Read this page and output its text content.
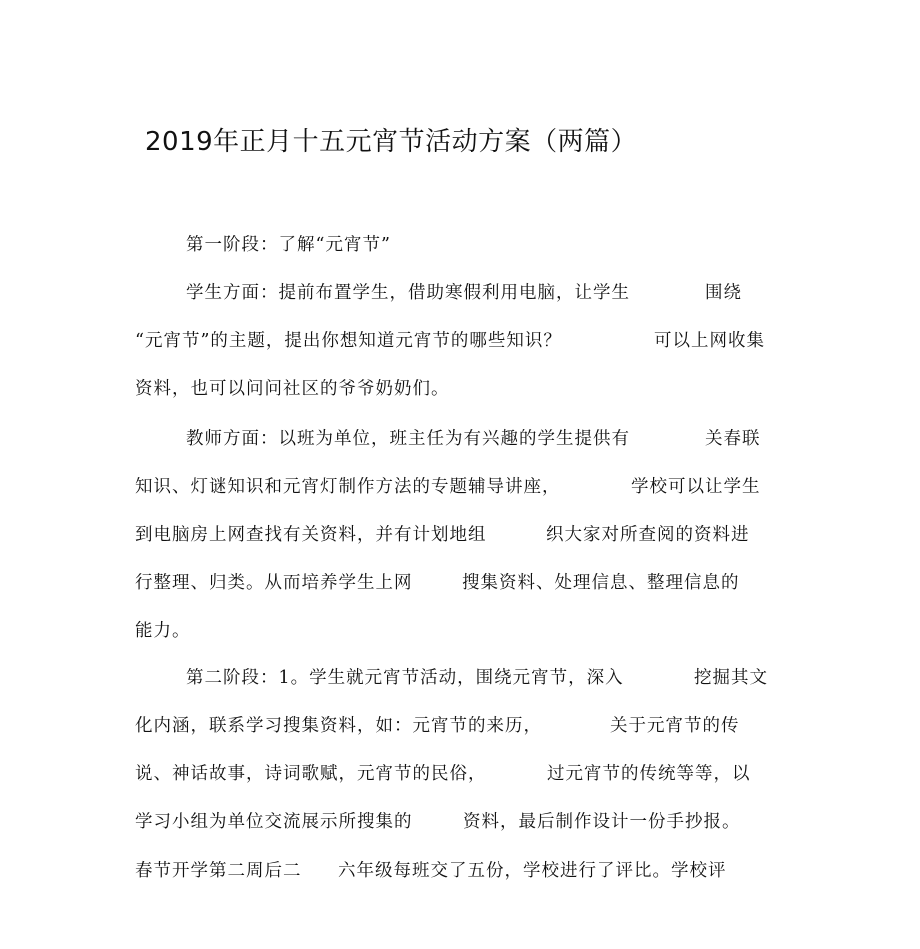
2019年正月十五元宵节活动方案（两篇）
第一阶段：了解“元宵节”
学生方面：提前布置学生，借助寒假利用电脑，让学生	围绕
“元宵节”的主题，提出你想知道元宵节的哪些知识？	可以上网收集
资料，也可以问问社区的爷爷奶奶们。
教师方面：以班为单位，班主任为有兴趣的学生提供有	关春联
知识、灯谜知识和元宵灯制作方法的专题辅导讲座，	学校可以让学生
到电脑房上网查找有关资料，并有计划地组	织大家对所查阅的资料进
行整理、归类。从而培养学生上网	搜集资料、处理信息、整理信息的
能力。
第二阶段：1。学生就元宵节活动，围绕元宵节，深入	挖掘其文
化内涵，联系学习搜集资料，如：元宵节的来历，	关于元宵节的传
说、神话故事，诗词歌赋，元宵节的民俗，	过元宵节的传统等等，以
学习小组为单位交流展示所搜集的	资料，最后制作设计一份手抄报。
春节开学第二周后二 六年级每班交了五份，学校进行了评比。学校评
